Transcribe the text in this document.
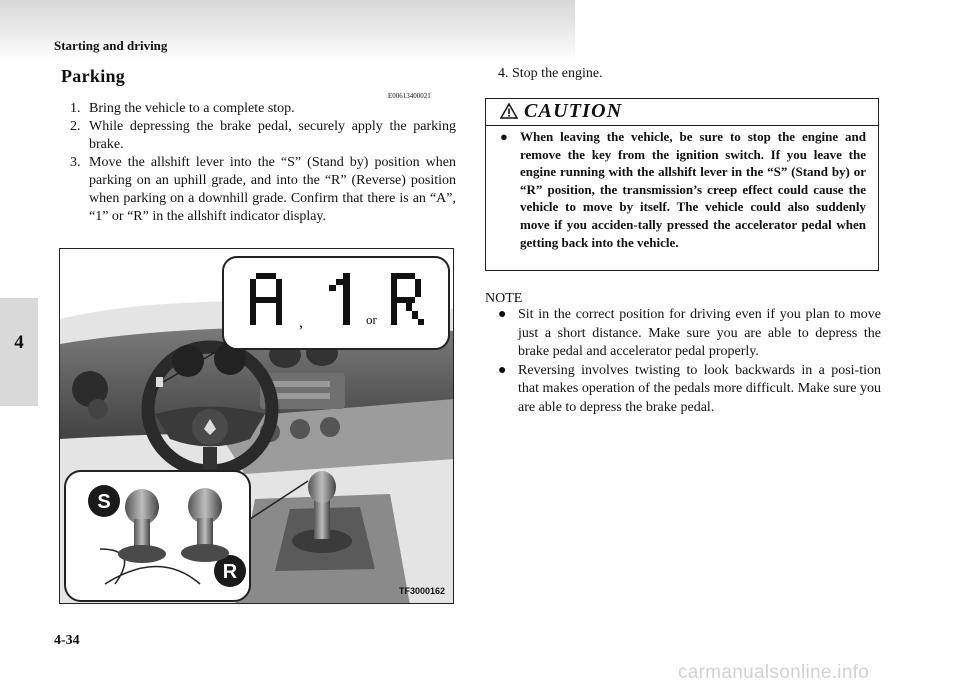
Starting and driving
4
Parking
E00613400021
1. Bring the vehicle to a complete stop.
2. While depressing the brake pedal, securely apply the parking brake.
3. Move the allshift lever into the “S” (Stand by) position when parking on an uphill grade, and into the “R” (Reverse) position when parking on a downhill grade. Confirm that there is an “A”, “1” or “R” in the allshift indicator display.
,	or
S
R
TF3000162
4. Stop the engine.
CAUTION
● When leaving the vehicle, be sure to stop the engine and remove the key from the ignition switch. If you leave the engine running with the allshift lever in the “S” (Stand by) or “R” position, the transmission’s creep effect could cause the vehicle to move by itself. The vehicle could also suddenly move if you acciden-tally pressed the accelerator pedal when getting back into the vehicle.
NOTE
● Sit in the correct position for driving even if you plan to move just a short distance. Make sure you are able to depress the brake pedal and accelerator pedal properly.
● Reversing involves twisting to look backwards in a posi-tion that makes operation of the pedals more difficult. Make sure you are able to depress the brake pedal.
4-34
carmanualsonline.info
